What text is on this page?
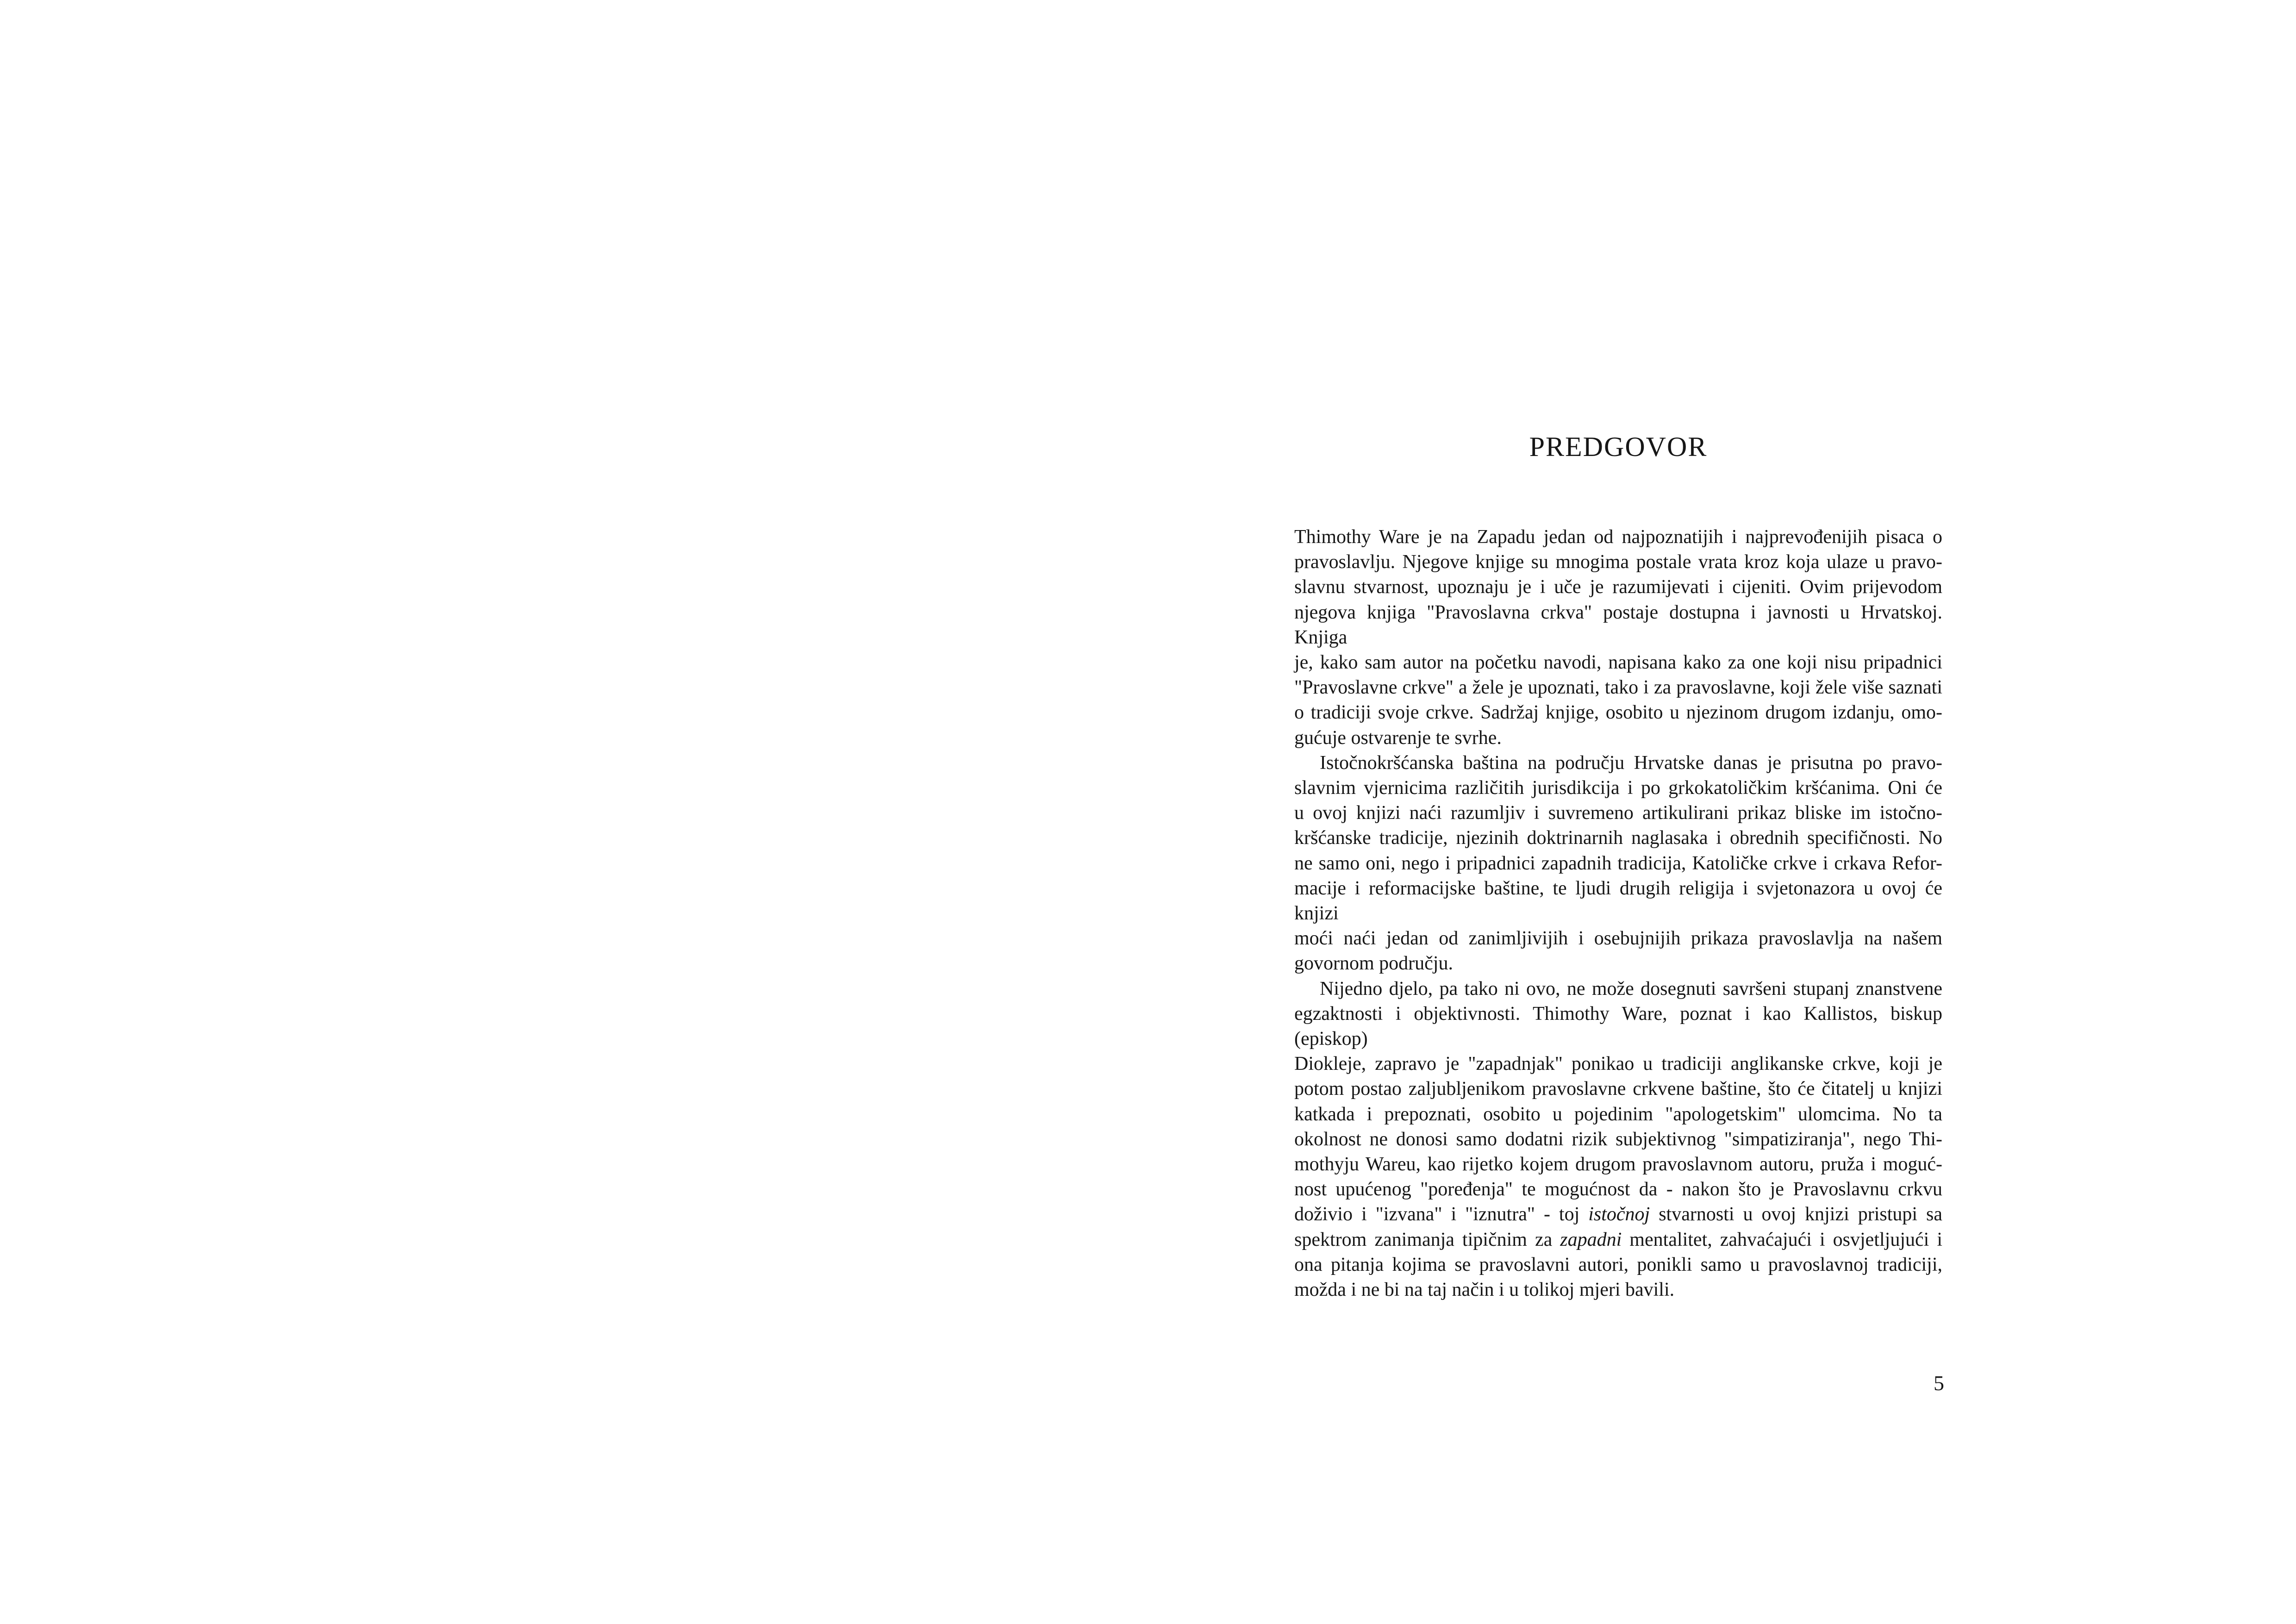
PREDGOVOR
Thimothy Ware je na Zapadu jedan od najpoznatijih i najprevođenijih pisaca o
pravoslavlju. Njegove knjige su mnogima postale vrata kroz koja ulaze u pravo-
slavnu stvarnost, upoznaju je i uče je razumijevati i cijeniti. Ovim prijevodom
njegova knjiga "Pravoslavna crkva" postaje dostupna i javnosti u Hrvatskoj. Knjiga
je, kako sam autor na početku navodi, napisana kako za one koji nisu pripadnici
"Pravoslavne crkve" a žele je upoznati, tako i za pravoslavne, koji žele više saznati
o tradiciji svoje crkve. Sadržaj knjige, osobito u njezinom drugom izdanju, omo-
gućuje ostvarenje te svrhe.
Istočnokršćanska baština na području Hrvatske danas je prisutna po pravo-
slavnim vjernicima različitih jurisdikcija i po grkokatoličkim kršćanima. Oni će
u ovoj knjizi naći razumljiv i suvremeno artikulirani prikaz bliske im istočno-
kršćanske tradicije, njezinih doktrinarnih naglasaka i obrednih specifičnosti. No
ne samo oni, nego i pripadnici zapadnih tradicija, Katoličke crkve i crkava Refor-
macije i reformacijske baštine, te ljudi drugih religija i svjetonazora u ovoj će knjizi
moći naći jedan od zanimljivijih i osebujnijih prikaza pravoslavlja na našem
govornom području.
Nijedno djelo, pa tako ni ovo, ne može dosegnuti savršeni stupanj znanstvene
egzaktnosti i objektivnosti. Thimothy Ware, poznat i kao Kallistos, biskup (episkop)
Diokleje, zapravo je "zapadnjak" ponikao u tradiciji anglikanske crkve, koji je
potom postao zaljubljenikom pravoslavne crkvene baštine, što će čitatelj u knjizi
katkada i prepoznati, osobito u pojedinim "apologetskim" ulomcima. No ta
okolnost ne donosi samo dodatni rizik subjektivnog "simpatiziranja", nego Thi-
mothyju Wareu, kao rijetko kojem drugom pravoslavnom autoru, pruža i moguć-
nost upućenog "poređenja" te mogućnost da - nakon što je Pravoslavnu crkvu
doživio i "izvana" i "iznutra" - toj istočnoj stvarnosti u ovoj knjizi pristupi sa
spektrom zanimanja tipičnim za zapadni mentalitet, zahvaćajući i osvjetljujući i
ona pitanja kojima se pravoslavni autori, ponikli samo u pravoslavnoj tradiciji,
možda i ne bi na taj način i u tolikoj mjeri bavili.

5
